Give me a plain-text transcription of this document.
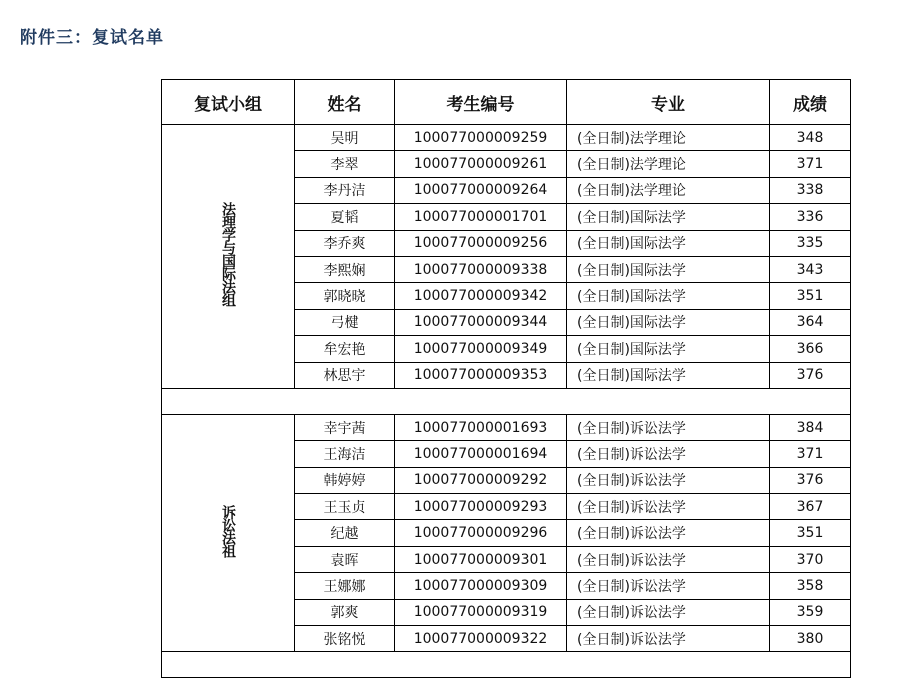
附件三：复试名单
复试小组	姓名	考生编号	专业	成绩
法理学与国际法组	吴明	100077000009259	(全日制)法学理论	348
	李翠	100077000009261	(全日制)法学理论	371
	李丹洁	100077000009264	(全日制)法学理论	338
	夏韬	100077000001701	(全日制)国际法学	336
	李乔爽	100077000009256	(全日制)国际法学	335
	李熙娴	100077000009338	(全日制)国际法学	343
	郭晓晓	100077000009342	(全日制)国际法学	351
	弓楗	100077000009344	(全日制)国际法学	364
	牟宏艳	100077000009349	(全日制)国际法学	366
	林思宇	100077000009353	(全日制)国际法学	376

诉讼法祖	幸宇茜	100077000001693	(全日制)诉讼法学	384
	王海洁	100077000001694	(全日制)诉讼法学	371
	韩婷婷	100077000009292	(全日制)诉讼法学	376
	王玉贞	100077000009293	(全日制)诉讼法学	367
	纪越	100077000009296	(全日制)诉讼法学	351
	袁晖	100077000009301	(全日制)诉讼法学	370
	王娜娜	100077000009309	(全日制)诉讼法学	358
	郭爽	100077000009319	(全日制)诉讼法学	359
	张铭悦	100077000009322	(全日制)诉讼法学	380
